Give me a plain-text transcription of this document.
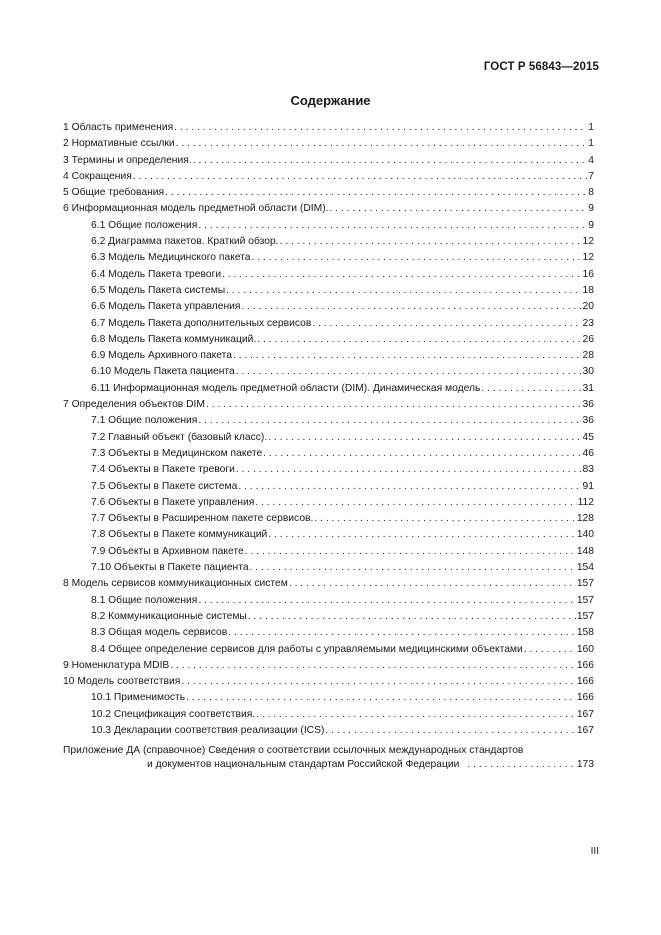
ГОСТ Р 56843—2015
Содержание
1 Область применения . . .	1
2 Нормативные ссылки . . .	1
3 Термины и определения. . . .	4
4 Сокращения . . .	7
5 Общие требования . . .	8
6 Информационная модель предметной области (DIM). . . .	9
6.1 Общие положения . . .	9
6.2 Диаграмма пакетов. Краткий обзор. . . .	12
6.3 Модель Медицинского пакета . . .	12
6.4 Модель Пакета тревоги . . .	16
6.5 Модель Пакета системы . . .	18
6.6 Модель Пакета управления . . .	20
6.7 Модель Пакета дополнительных сервисов . . .	23
6.8 Модель Пакета коммуникаций. . . .	26
6.9 Модель Архивного пакета . . .	28
6.10 Модель Пакета пациента . . .	30
6.11 Информационная модель предметной области (DIM). Динамическая модель . . .	31
7 Определения объектов DIM . . .	36
7.1 Общие положения . . .	36
7.2 Главный объект (базовый класс). . . .	45
7.3 Объекты в Медицинском пакете . . .	46
7.4 Объекты в Пакете тревоги . . .	83
7.5 Объекты в Пакете система . . .	91
7.6 Объекты в Пакете управления . . .	112
7.7 Объекты в Расширенном пакете сервисов. . . .	128
7.8 Объекты в Пакете коммуникаций . . .	140
7.9 Объекты в Архивном пакете . . .	148
7.10 Объекты в Пакете пациента . . .	154
8 Модель сервисов коммуникационных систем . . .	157
8.1 Общие положения . . .	157
8.2 Коммуникационные системы . . .	157
8.3 Общая модель сервисов . . .	158
8.4 Общее определение сервисов для работы с управляемыми медицинскими объектами . . .	160
9 Номенклатура MDIB . . .	166
10 Модель соответствия . . .	166
10.1 Применимость . . .	166
10.2 Спецификация соответствия. . . .	167
10.3 Декларации соответствия реализации (ICS) . . .	167
Приложение ДА (справочное) Сведения о соответствии ссылочных международных стандартов
и документов национальным стандартам Российской Федерации . . .	173
III
